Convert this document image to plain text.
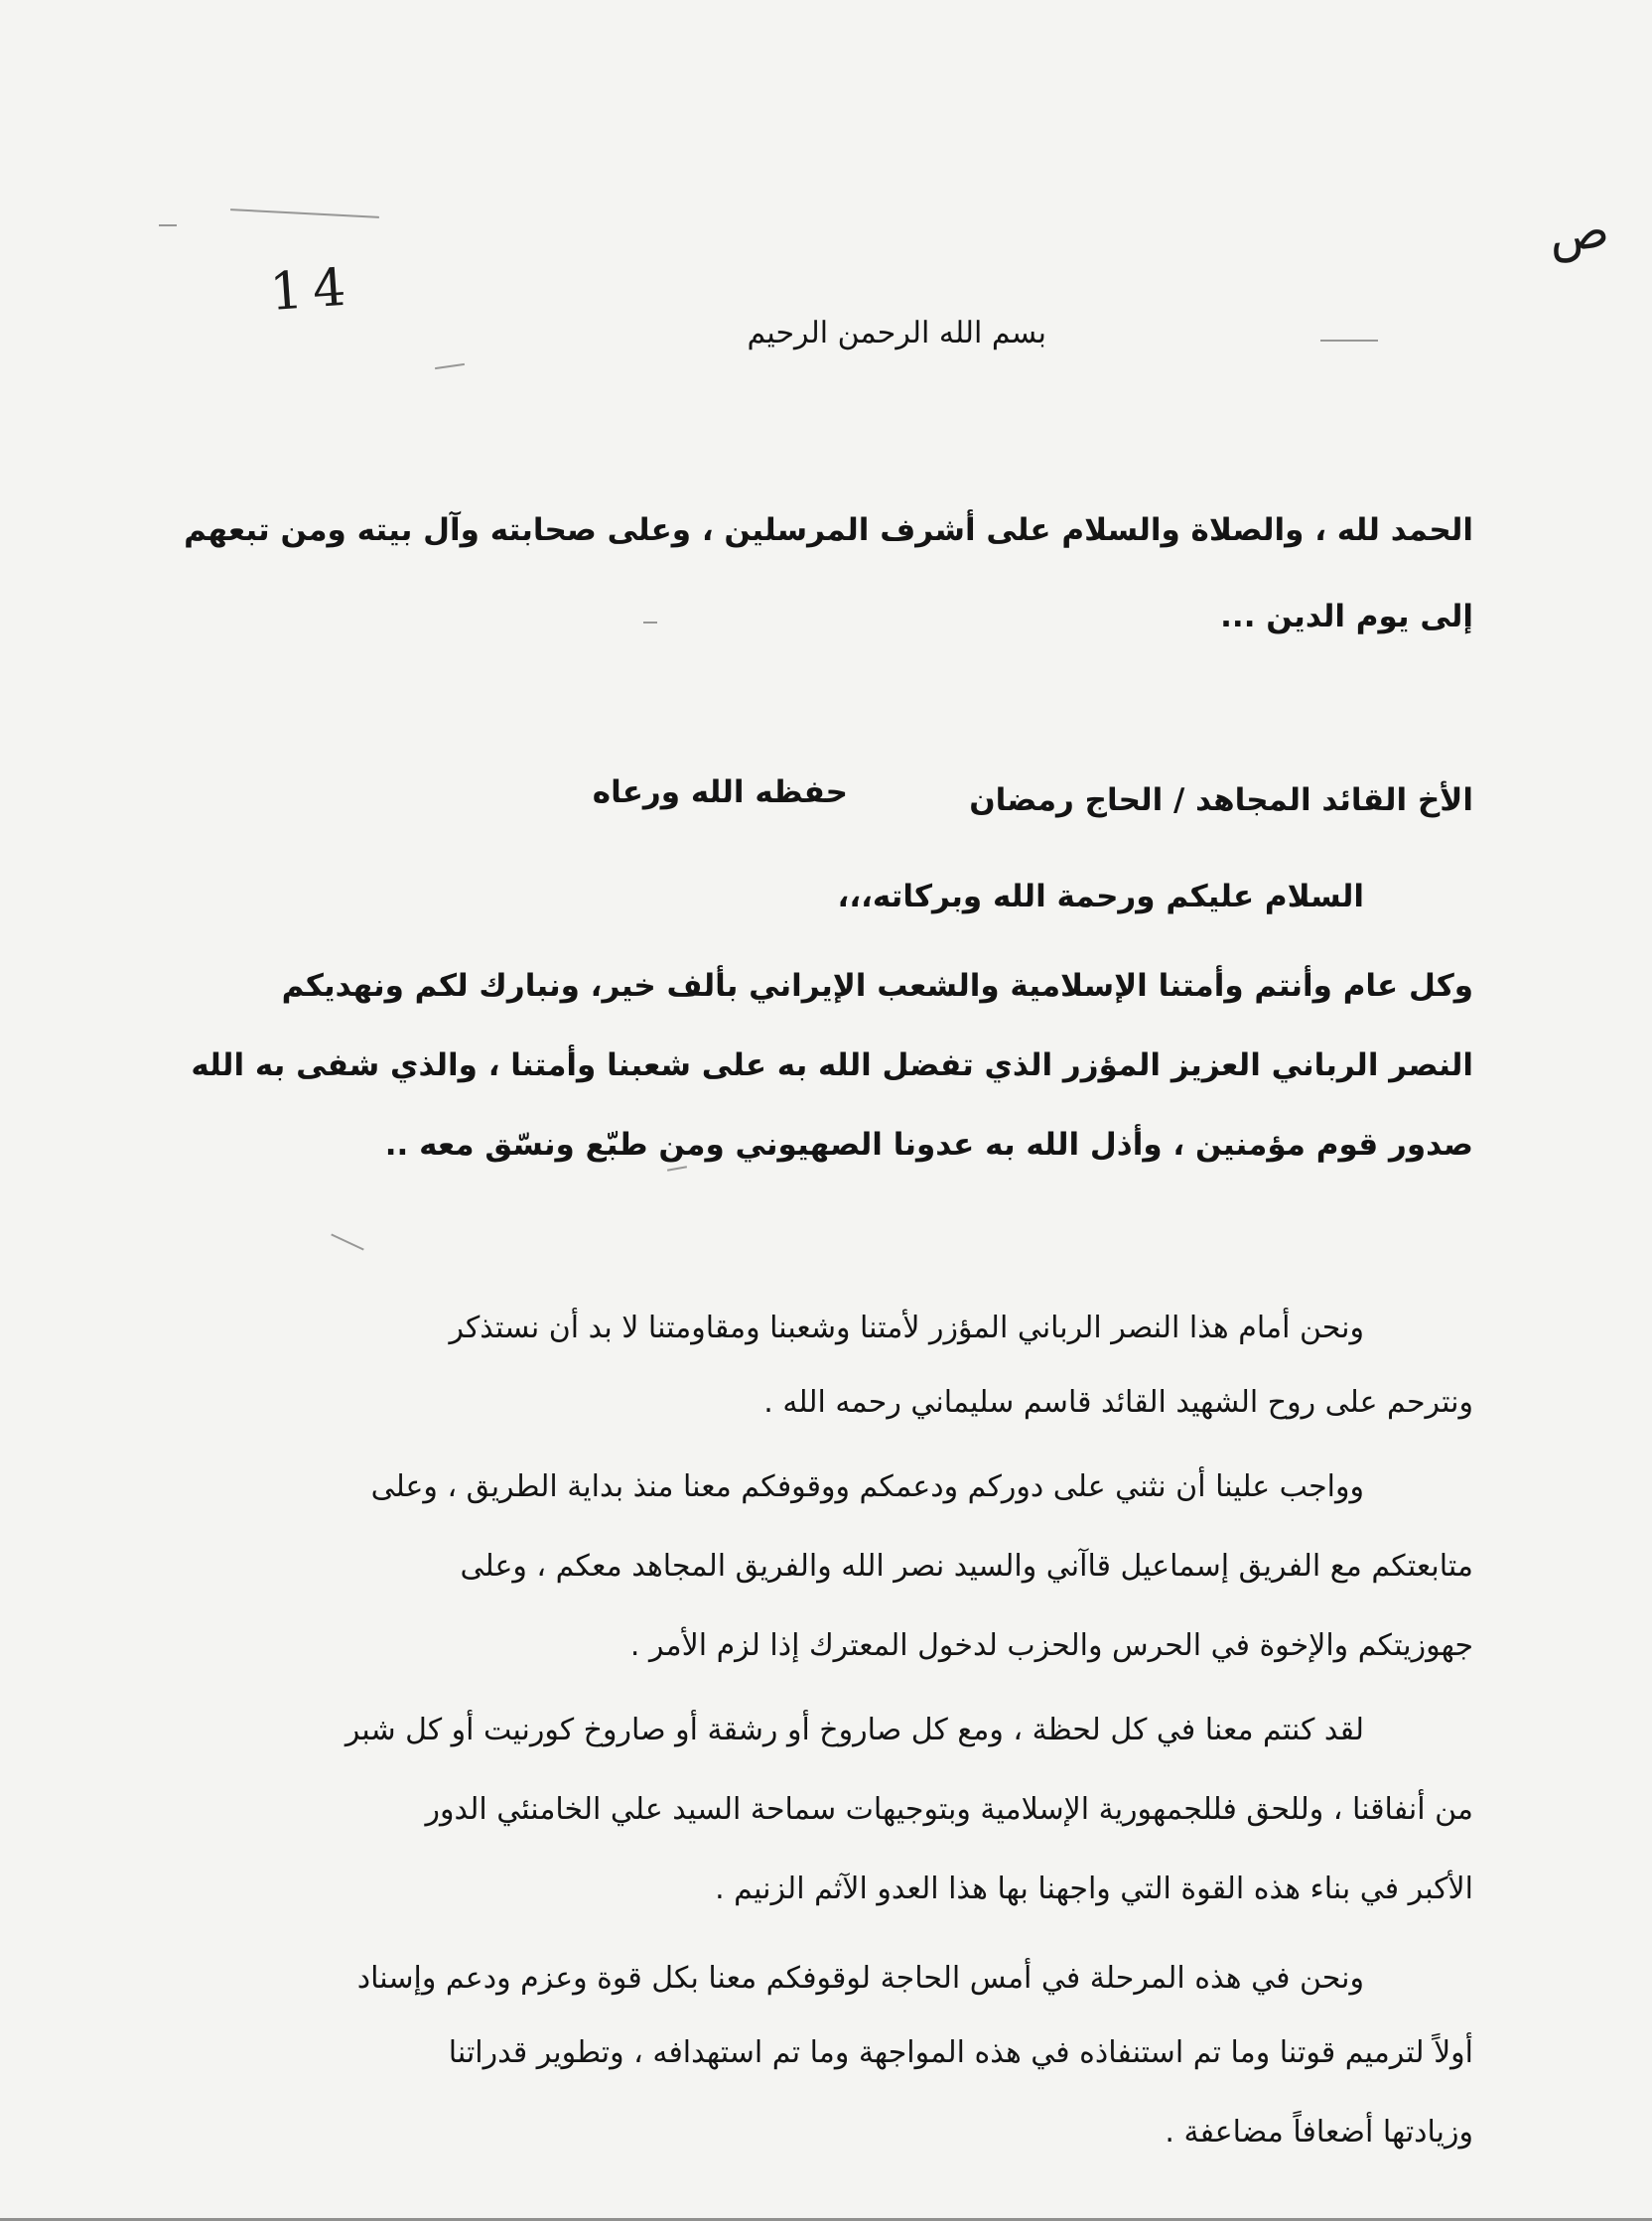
ص
14
بسم الله الرحمن الرحيم
الحمد لله ، والصلاة والسلام على أشرف المرسلين ، وعلى صحابته وآل بيته ومن تبعهم
إلى يوم الدين ...
الأخ القائد المجاهد / الحاج رمضان
حفظه الله ورعاه
السلام عليكم ورحمة الله وبركاته،،،
وكل عام وأنتم وأمتنا الإسلامية والشعب الإيراني بألف خير، ونبارك لكم ونهديكم
النصر الرباني العزيز المؤزر الذي تفضل الله به على شعبنا وأمتنا ، والذي شفى به الله
صدور قوم مؤمنين ، وأذل الله به عدونا الصهيوني ومن طبّع ونسّق معه ..
ونحن أمام هذا النصر الرباني المؤزر لأمتنا وشعبنا ومقاومتنا لا بد أن نستذكر
ونترحم على روح الشهيد القائد قاسم سليماني رحمه الله .
وواجب علينا أن نثني على دوركم ودعمكم ووقوفكم معنا منذ بداية الطريق ، وعلى
متابعتكم مع الفريق إسماعيل قاآني والسيد نصر الله والفريق المجاهد معكم ، وعلى
جهوزيتكم والإخوة في الحرس والحزب لدخول المعترك إذا لزم الأمر .
لقد كنتم معنا في كل لحظة ، ومع كل صاروخ أو رشقة أو صاروخ كورنيت أو كل شبر
من أنفاقنا ، وللحق فللجمهورية الإسلامية وبتوجيهات سماحة السيد علي الخامنئي الدور
الأكبر في بناء هذه القوة التي واجهنا بها هذا العدو الآثم الزنيم .
ونحن في هذه المرحلة في أمس الحاجة لوقوفكم معنا بكل قوة وعزم ودعم وإسناد
أولاً لترميم قوتنا وما تم استنفاذه في هذه المواجهة وما تم استهدافه ، وتطوير قدراتنا
وزيادتها أضعافاً مضاعفة .
